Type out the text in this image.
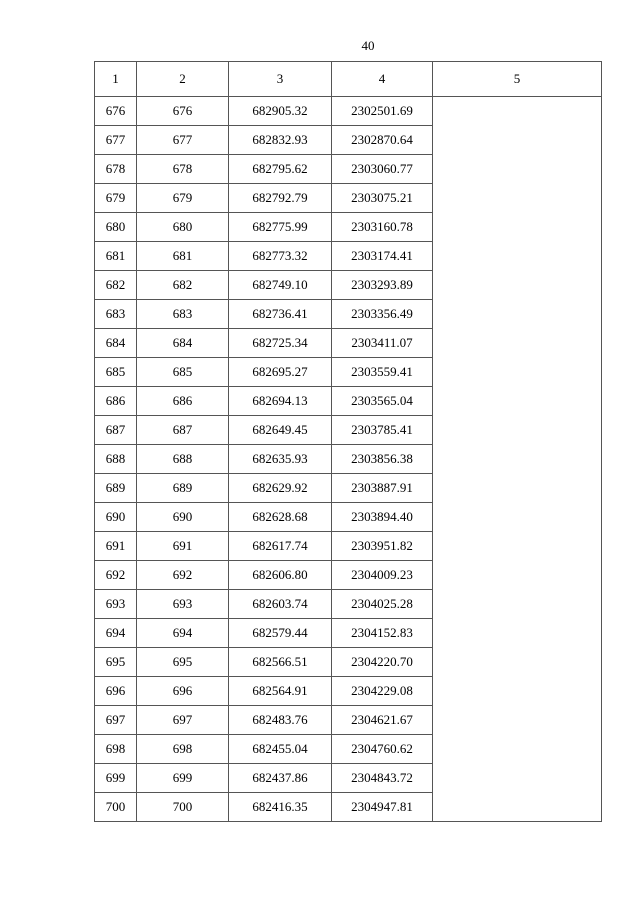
40
1	2	3	4	5
676	676	682905.32	2302501.69	
677	677	682832.93	2302870.64	
678	678	682795.62	2303060.77	
679	679	682792.79	2303075.21	
680	680	682775.99	2303160.78	
681	681	682773.32	2303174.41	
682	682	682749.10	2303293.89	
683	683	682736.41	2303356.49	
684	684	682725.34	2303411.07	
685	685	682695.27	2303559.41	
686	686	682694.13	2303565.04	
687	687	682649.45	2303785.41	
688	688	682635.93	2303856.38	
689	689	682629.92	2303887.91	
690	690	682628.68	2303894.40	
691	691	682617.74	2303951.82	
692	692	682606.80	2304009.23	
693	693	682603.74	2304025.28	
694	694	682579.44	2304152.83	
695	695	682566.51	2304220.70	
696	696	682564.91	2304229.08	
697	697	682483.76	2304621.67	
698	698	682455.04	2304760.62	
699	699	682437.86	2304843.72	
700	700	682416.35	2304947.81	
